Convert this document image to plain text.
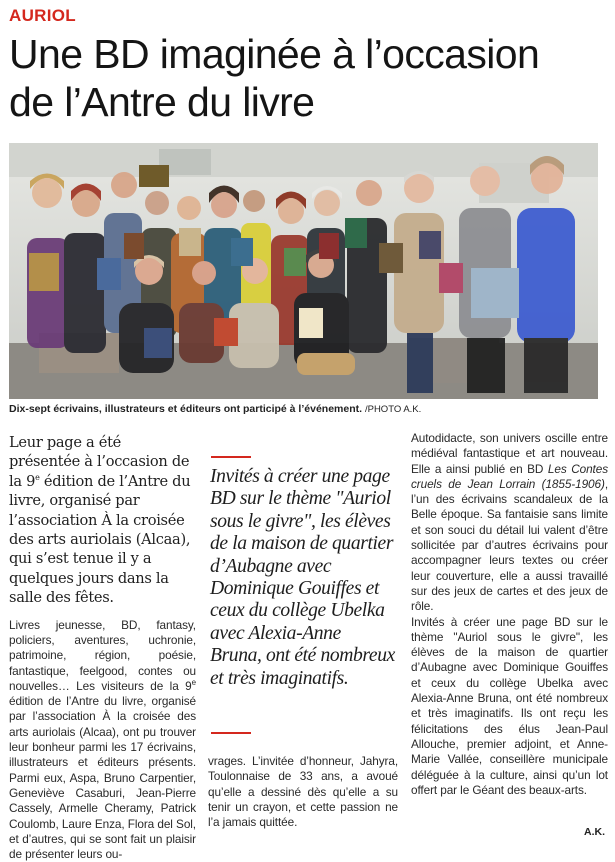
AURIOL
Une BD imaginée à l’occasion
de l’Antre du livre
Dix-sept écrivains, illustrateurs et éditeurs ont participé à l’événement. /PHOTO A.K.

Leur page a été présentée à l’occasion de la 9e édition de l’Antre du livre, organisé par l’association À la croisée des arts auriolais (Alcaa), qui s’est tenue il y a quelques jours dans la salle des fêtes.

Livres jeunesse, BD, fantasy, policiers, aventures, uchronie, patrimoine, région, poésie, fantastique, feelgood, contes ou nouvelles… Les visiteurs de la 9e édition de l’Antre du livre, organisé par l’association À la croisée des arts auriolais (Alcaa), ont pu trouver leur bonheur parmi les 17 écrivains, illustrateurs et éditeurs présents. Parmi eux, Aspa, Bruno Carpentier, Geneviève Casaburi, Jean-Pierre Cassely, Armelle Cheramy, Patrick Coulomb, Laure Enza, Flora del Sol, et d’autres, qui se sont fait un plaisir de présenter leurs ou-
Invités à créer une page BD sur le thème "Auriol sous le givre", les élèves de la maison de quartier d’Aubagne avec Dominique Gouiffes et ceux du collège Ubelka avec Alexia-Anne Bruna, ont été nombreux et très imaginatifs.
vrages. L’invitée d’honneur, Jahyra, Toulonnaise de 33 ans, a avoué qu’elle a dessiné dès qu’elle a su tenir un crayon, et cette passion ne l’a jamais quittée.

Autodidacte, son univers oscille entre médiéval fantastique et art nouveau. Elle a ainsi publié en BD Les Contes cruels de Jean Lorrain (1855-1906), l’un des écrivains scandaleux de la Belle époque. Sa fantaisie sans limite et son souci du détail lui valent d’être sollicitée par d’autres écrivains pour accompagner leurs textes ou créer leur couverture, elle a aussi travaillé sur des jeux de cartes et des jeux de rôle.

Invités à créer une page BD sur le thème "Auriol sous le givre", les élèves de la maison de quartier d’Aubagne avec Dominique Gouiffes et ceux du collège Ubelka avec Alexia-Anne Bruna, ont été nombreux et très imaginatifs. Ils ont reçu les félicitations des élus Jean-Paul Allouche, premier adjoint, et Anne-Marie Vallée, conseillère municipale déléguée à la culture, ainsi qu’un lot offert par le Géant des beaux-arts.

A.K.
